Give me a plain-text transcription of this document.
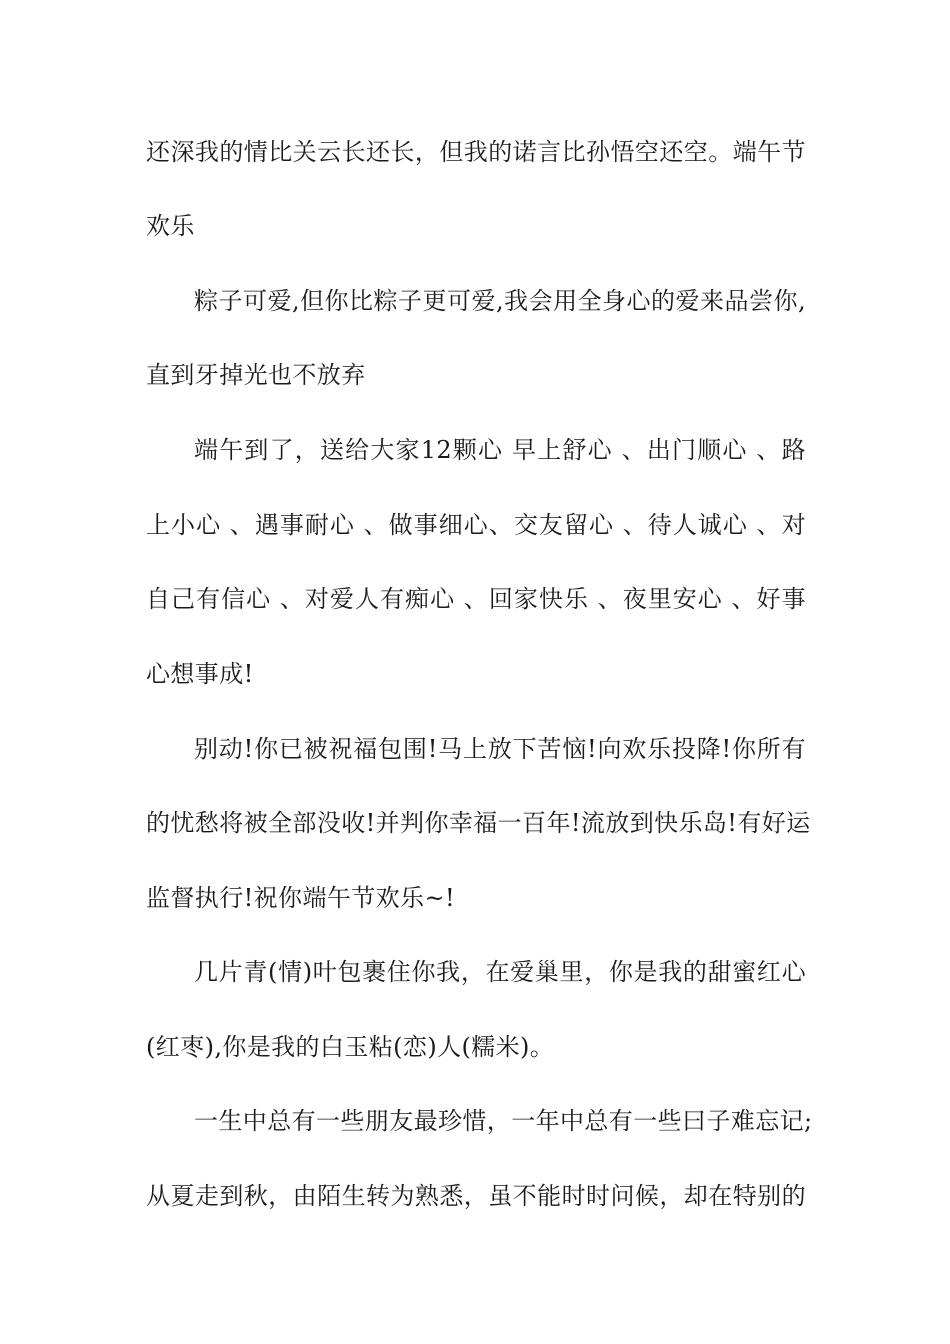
还深我的情比关云长还长，但我的诺言比孙悟空还空。端午节
欢乐
粽子可爱,但你比粽子更可爱,我会用全身心的爱来品尝你,
直到牙掉光也不放弃
端午到了，送给大家12颗心 早上舒心 、出门顺心 、路
上小心 、遇事耐心 、做事细心、交友留心 、待人诚心 、对
自己有信心 、对爱人有痴心 、回家快乐 、夜里安心 、好事
心想事成!
别动!你已被祝福包围!马上放下苦恼!向欢乐投降!你所有
的忧愁将被全部没收!并判你幸福一百年!流放到快乐岛!有好运
监督执行!祝你端午节欢乐~!
几片青(情)叶包裹住你我，在爱巢里，你是我的甜蜜红心
(红枣),你是我的白玉粘(恋)人(糯米)。
一生中总有一些朋友最珍惜，一年中总有一些曰子难忘记;
从夏走到秋，由陌生转为熟悉，虽不能时时问候，却在特别的
